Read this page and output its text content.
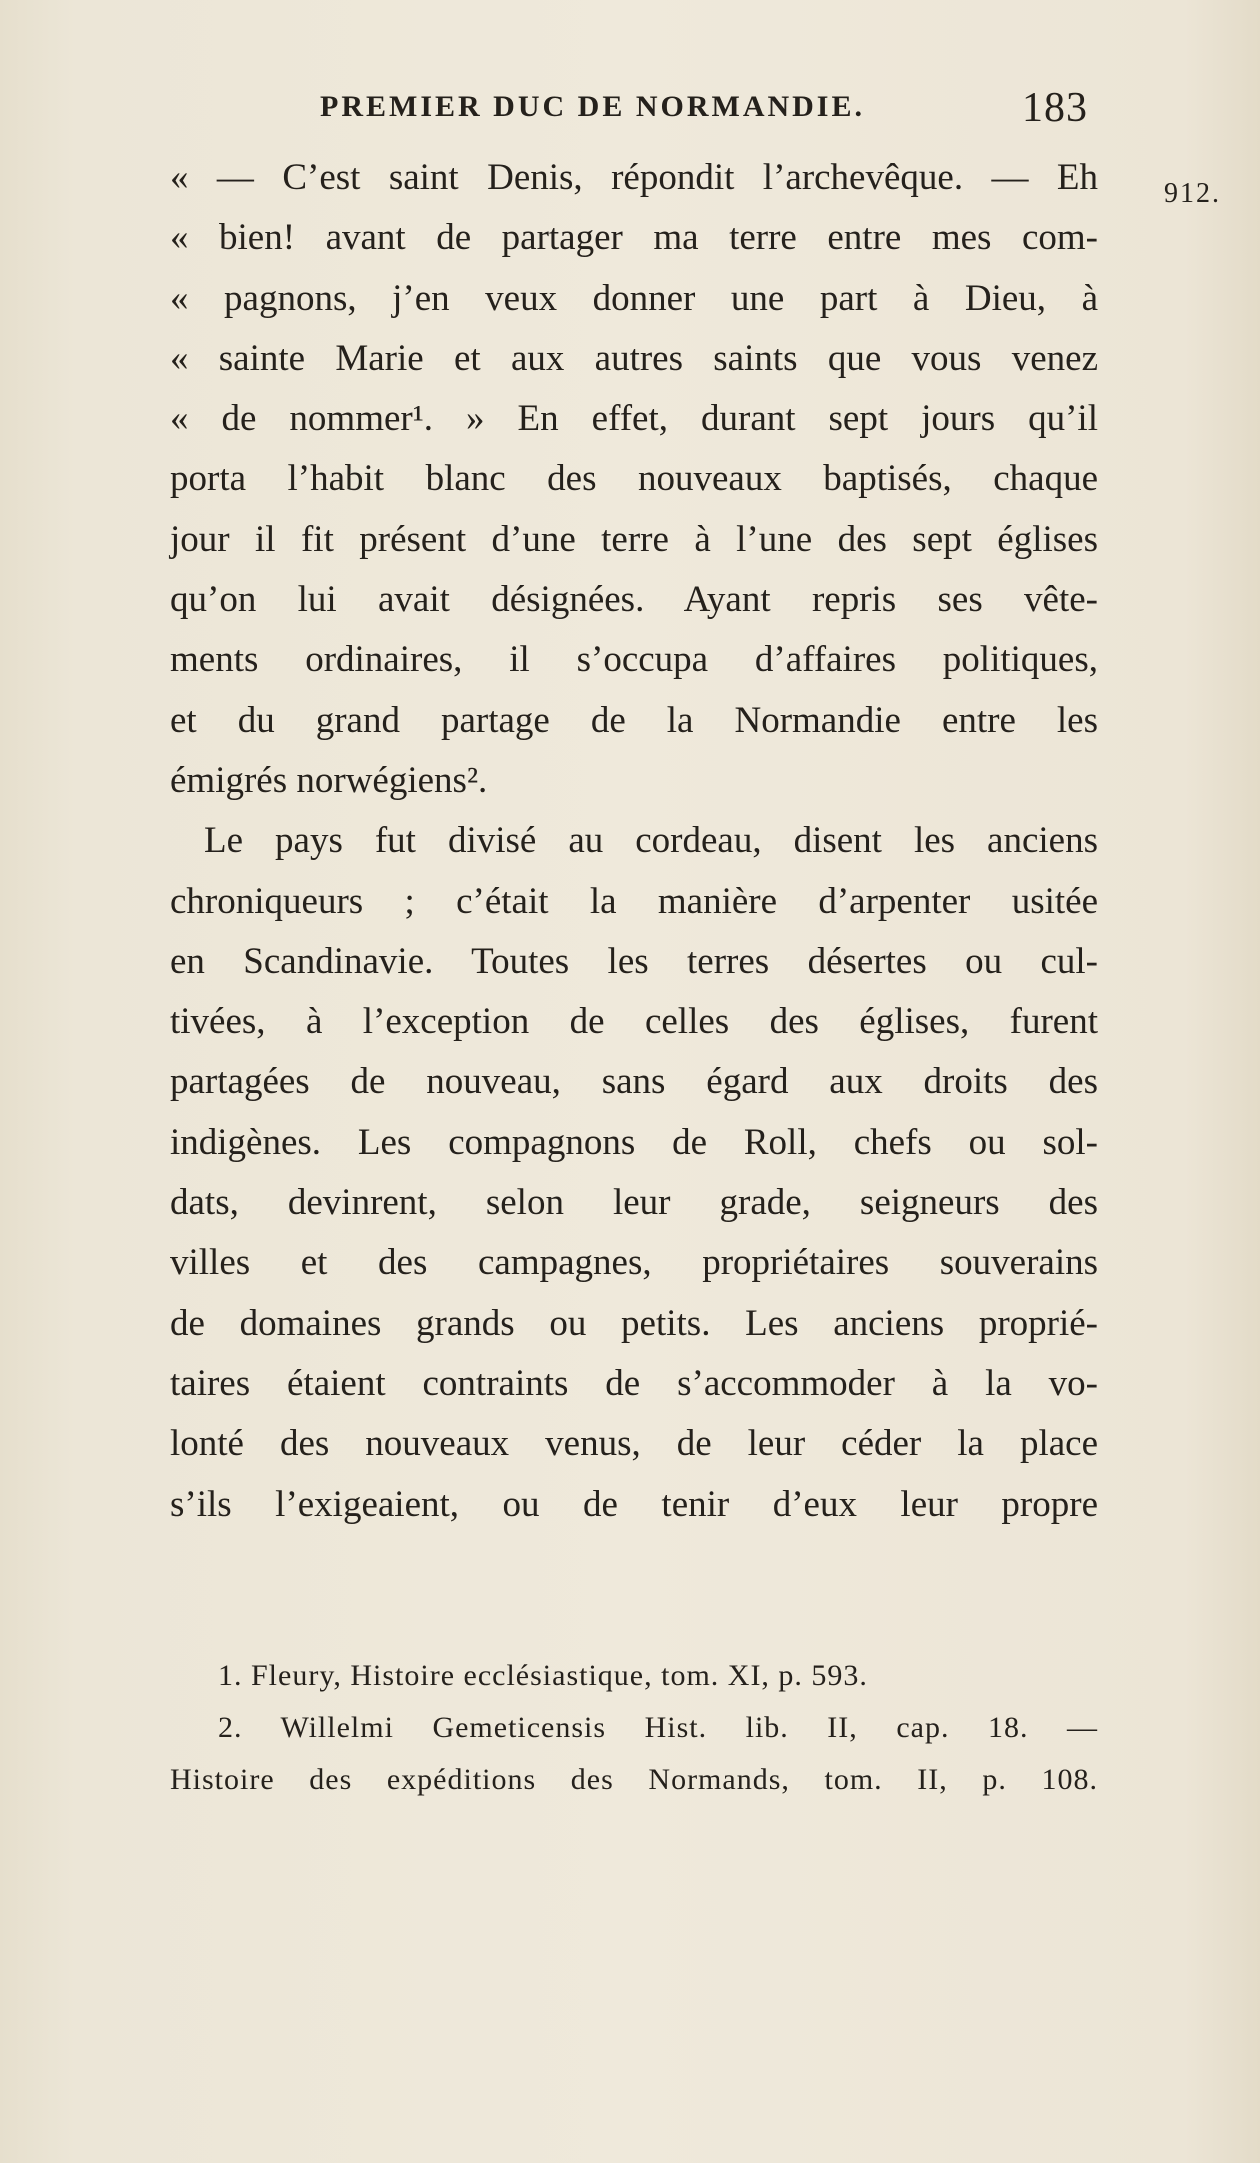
PREMIER DUC DE NORMANDIE.	183
912.
« — C’est saint Denis, répondit l’archevêque. — Eh
« bien! avant de partager ma terre entre mes com-
« pagnons, j’en veux donner une part à Dieu, à
« sainte Marie et aux autres saints que vous venez
« de nommer¹. » En effet, durant sept jours qu’il
porta l’habit blanc des nouveaux baptisés, chaque
jour il fit présent d’une terre à l’une des sept églises
qu’on lui avait désignées. Ayant repris ses vête-
ments ordinaires, il s’occupa d’affaires politiques,
et du grand partage de la Normandie entre les
émigrés norwégiens².
Le pays fut divisé au cordeau, disent les anciens
chroniqueurs ; c’était la manière d’arpenter usitée
en Scandinavie. Toutes les terres désertes ou cul-
tivées, à l’exception de celles des églises, furent
partagées de nouveau, sans égard aux droits des
indigènes. Les compagnons de Roll, chefs ou sol-
dats, devinrent, selon leur grade, seigneurs des
villes et des campagnes, propriétaires souverains
de domaines grands ou petits. Les anciens proprié-
taires étaient contraints de s’accommoder à la vo-
lonté des nouveaux venus, de leur céder la place
s’ils l’exigeaient, ou de tenir d’eux leur propre
1. Fleury, Histoire ecclésiastique, tom. XI, p. 593.
2. Willelmi Gemeticensis Hist. lib. II, cap. 18. —
Histoire des expéditions des Normands, tom. II, p. 108.
